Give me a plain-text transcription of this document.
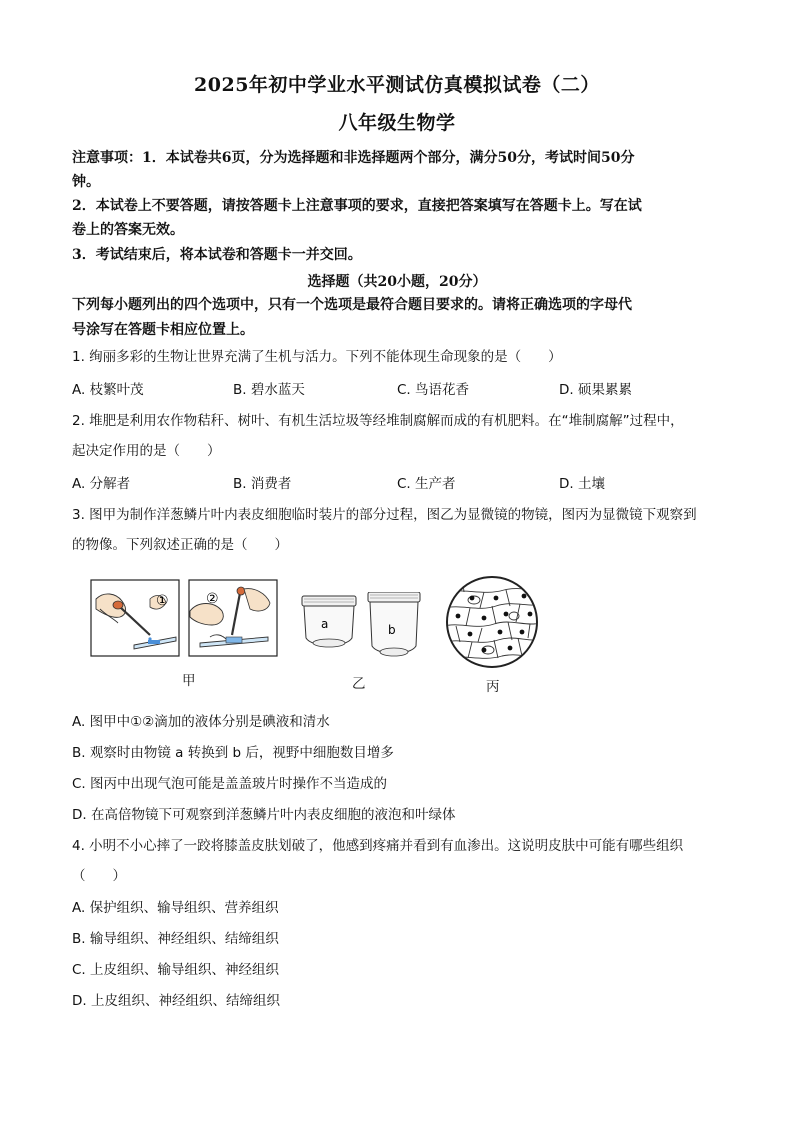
2025年初中学业水平测试仿真模拟试卷（二）
八年级生物学
注意事项：1．本试卷共6页，分为选择题和非选择题两个部分，满分50分，考试时间50分
钟。
2．本试卷上不要答题，请按答题卡上注意事项的要求，直接把答案填写在答题卡上。写在试
卷上的答案无效。
3．考试结束后，将本试卷和答题卡一并交回。
选择题（共20小题，20分）
下列每小题列出的四个选项中，只有一个选项是最符合题目要求的。请将正确选项的字母代
号涂写在答题卡相应位置上。
1. 绚丽多彩的生物让世界充满了生机与活力。下列不能体现生命现象的是（　　）
A. 枝繁叶茂	B. 碧水蓝天	C. 鸟语花香	D. 硕果累累
2. 堆肥是利用农作物秸秆、树叶、有机生活垃圾等经堆制腐解而成的有机肥料。在“堆制腐解”过程中，
起决定作用的是（　　）
A. 分解者	B. 消费者	C. 生产者	D. 土壤
3. 图甲为制作洋葱鳞片叶内表皮细胞临时装片的部分过程，图乙为显微镜的物镜，图丙为显微镜下观察到
的物像。下列叙述正确的是（　　）
①	②
甲
a	b
乙	丙
A. 图甲中①②滴加的液体分别是碘液和清水
B. 观察时由物镜 a 转换到 b 后，视野中细胞数目增多
C. 图丙中出现气泡可能是盖盖玻片时操作不当造成的
D. 在高倍物镜下可观察到洋葱鳞片叶内表皮细胞的液泡和叶绿体
4. 小明不小心摔了一跤将膝盖皮肤划破了，他感到疼痛并看到有血渗出。这说明皮肤中可能有哪些组织
（　　）
A. 保护组织、输导组织、营养组织
B. 输导组织、神经组织、结缔组织
C. 上皮组织、输导组织、神经组织
D. 上皮组织、神经组织、结缔组织
